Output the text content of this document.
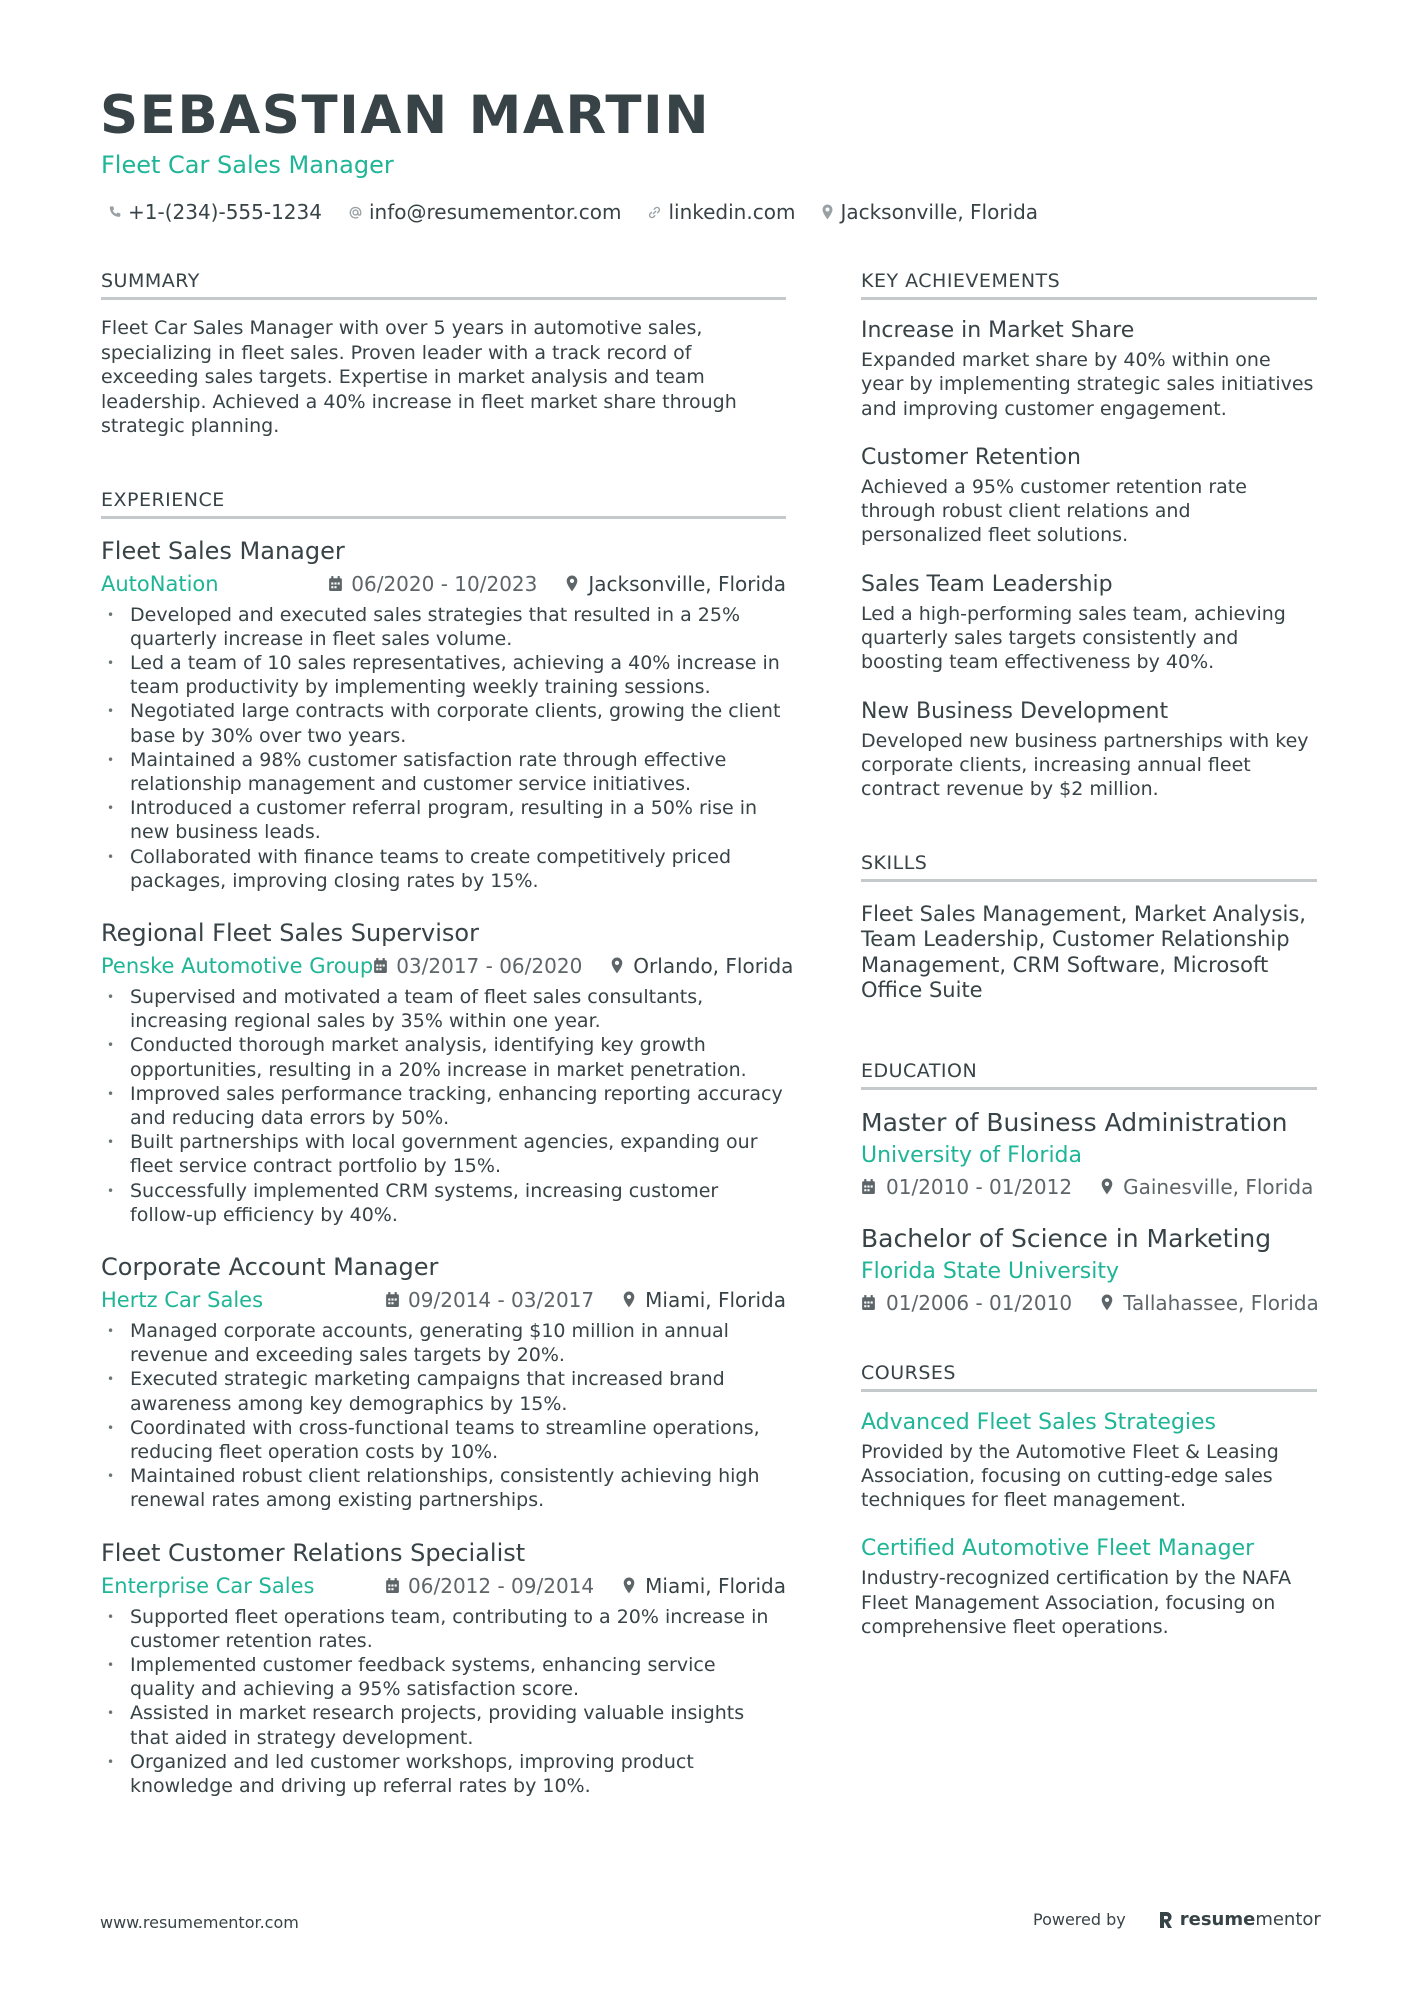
SEBASTIAN MARTIN
Fleet Car Sales Manager
+1-(234)-555-1234 info@resumementor.com linkedin.com Jacksonville, Florida
SUMMARY
Fleet Car Sales Manager with over 5 years in automotive sales, specializing in fleet sales. Proven leader with a track record of exceeding sales targets. Expertise in market analysis and team leadership. Achieved a 40% increase in fleet market share through strategic planning.
EXPERIENCE
Fleet Sales Manager
AutoNation	06/2020 - 10/2023	Jacksonville, Florida
• Developed and executed sales strategies that resulted in a 25% quarterly increase in fleet sales volume.
• Led a team of 10 sales representatives, achieving a 40% increase in team productivity by implementing weekly training sessions.
• Negotiated large contracts with corporate clients, growing the client base by 30% over two years.
• Maintained a 98% customer satisfaction rate through effective relationship management and customer service initiatives.
• Introduced a customer referral program, resulting in a 50% rise in new business leads.
• Collaborated with finance teams to create competitively priced packages, improving closing rates by 15%.
Regional Fleet Sales Supervisor
Penske Automotive Group 03/2017 - 06/2020	Orlando, Florida
• Supervised and motivated a team of fleet sales consultants, increasing regional sales by 35% within one year.
• Conducted thorough market analysis, identifying key growth opportunities, resulting in a 20% increase in market penetration.
• Improved sales performance tracking, enhancing reporting accuracy and reducing data errors by 50%.
• Built partnerships with local government agencies, expanding our fleet service contract portfolio by 15%.
• Successfully implemented CRM systems, increasing customer follow-up efficiency by 40%.
Corporate Account Manager
Hertz Car Sales	09/2014 - 03/2017	Miami, Florida
• Managed corporate accounts, generating $10 million in annual revenue and exceeding sales targets by 20%.
• Executed strategic marketing campaigns that increased brand awareness among key demographics by 15%.
• Coordinated with cross-functional teams to streamline operations, reducing fleet operation costs by 10%.
• Maintained robust client relationships, consistently achieving high renewal rates among existing partnerships.
Fleet Customer Relations Specialist
Enterprise Car Sales	06/2012 - 09/2014	Miami, Florida
• Supported fleet operations team, contributing to a 20% increase in customer retention rates.
• Implemented customer feedback systems, enhancing service quality and achieving a 95% satisfaction score.
• Assisted in market research projects, providing valuable insights that aided in strategy development.
• Organized and led customer workshops, improving product knowledge and driving up referral rates by 10%.
KEY ACHIEVEMENTS
Increase in Market Share
Expanded market share by 40% within one year by implementing strategic sales initiatives and improving customer engagement.
Customer Retention
Achieved a 95% customer retention rate through robust client relations and personalized fleet solutions.
Sales Team Leadership
Led a high-performing sales team, achieving quarterly sales targets consistently and boosting team effectiveness by 40%.
New Business Development
Developed new business partnerships with key corporate clients, increasing annual fleet contract revenue by $2 million.
SKILLS
Fleet Sales Management, Market Analysis, Team Leadership, Customer Relationship Management, CRM Software, Microsoft Office Suite
EDUCATION
Master of Business Administration
University of Florida
01/2010 - 01/2012	Gainesville, Florida
Bachelor of Science in Marketing
Florida State University
01/2006 - 01/2010	Tallahassee, Florida
COURSES
Advanced Fleet Sales Strategies
Provided by the Automotive Fleet & Leasing Association, focusing on cutting-edge sales techniques for fleet management.
Certified Automotive Fleet Manager
Industry-recognized certification by the NAFA Fleet Management Association, focusing on comprehensive fleet operations.
www.resumementor.com	Powered by	resume mentor
